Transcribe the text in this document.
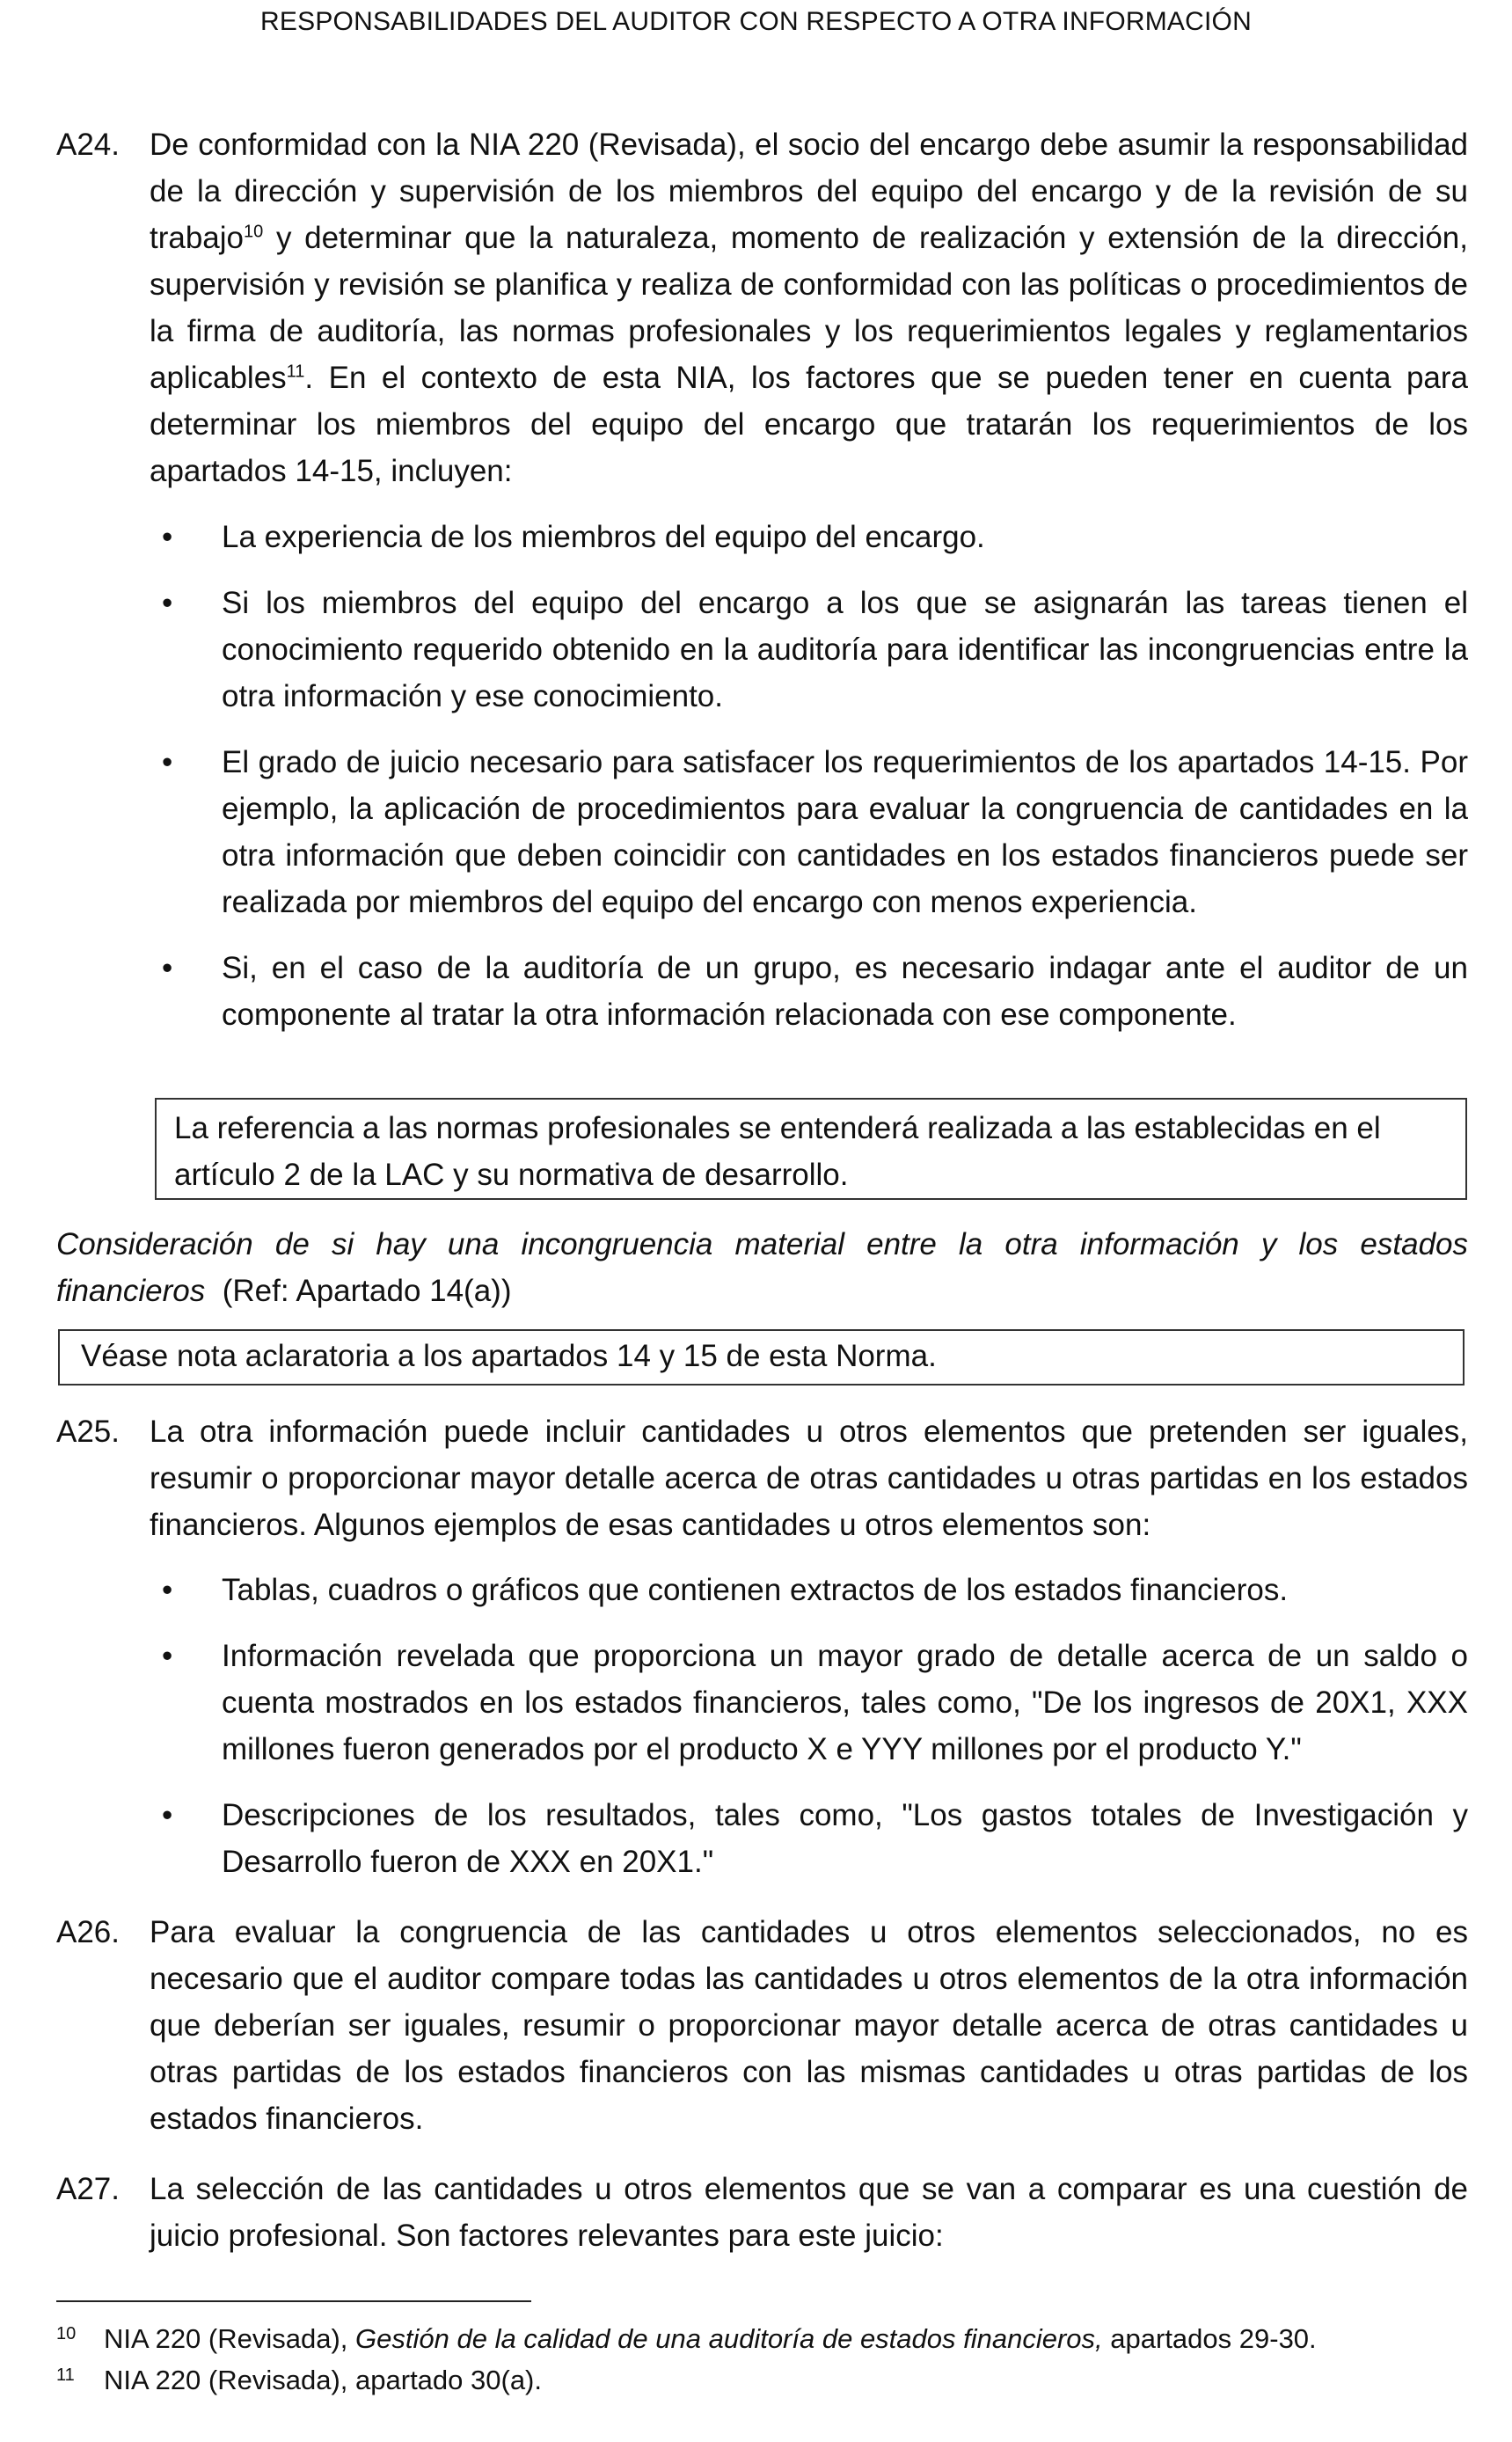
RESPONSABILIDADES DEL AUDITOR CON RESPECTO A OTRA INFORMACIÓN
A24. De conformidad con la NIA 220 (Revisada), el socio del encargo debe asumir la responsabilidad de la dirección y supervisión de los miembros del equipo del encargo y de la revisión de su trabajo$^{10}$ y determinar que la naturaleza, momento de realización y extensión de la dirección, supervisión y revisión se planifica y realiza de conformidad con las políticas o procedimientos de la firma de auditoría, las normas profesionales y los requerimientos legales y reglamentarios aplicables$^{11}$. En el contexto de esta NIA, los factores que se pueden tener en cuenta para determinar los miembros del equipo del encargo que tratarán los requerimientos de los apartados 14-15, incluyen:
• La experiencia de los miembros del equipo del encargo.
• Si los miembros del equipo del encargo a los que se asignarán las tareas tienen el conocimiento requerido obtenido en la auditoría para identificar las incongruencias entre la otra información y ese conocimiento.
• El grado de juicio necesario para satisfacer los requerimientos de los apartados 14-15. Por ejemplo, la aplicación de procedimientos para evaluar la congruencia de cantidades en la otra información que deben coincidir con cantidades en los estados financieros puede ser realizada por miembros del equipo del encargo con menos experiencia.
• Si, en el caso de la auditoría de un grupo, es necesario indagar ante el auditor de un componente al tratar la otra información relacionada con ese componente.
La referencia a las normas profesionales se entenderá realizada a las establecidas en el artículo 2 de la LAC y su normativa de desarrollo.
Consideración de si hay una incongruencia material entre la otra información y los estados financieros (Ref: Apartado 14(a))
Véase nota aclaratoria a los apartados 14 y 15 de esta Norma.
A25. La otra información puede incluir cantidades u otros elementos que pretenden ser iguales, resumir o proporcionar mayor detalle acerca de otras cantidades u otras partidas en los estados financieros. Algunos ejemplos de esas cantidades u otros elementos son:
• Tablas, cuadros o gráficos que contienen extractos de los estados financieros.
• Información revelada que proporciona un mayor grado de detalle acerca de un saldo o cuenta mostrados en los estados financieros, tales como, "De los ingresos de 20X1, XXX millones fueron generados por el producto X e YYY millones por el producto Y."
• Descripciones de los resultados, tales como, "Los gastos totales de Investigación y Desarrollo fueron de XXX en 20X1."
A26. Para evaluar la congruencia de las cantidades u otros elementos seleccionados, no es necesario que el auditor compare todas las cantidades u otros elementos de la otra información que deberían ser iguales, resumir o proporcionar mayor detalle acerca de otras cantidades u otras partidas de los estados financieros con las mismas cantidades u otras partidas de los estados financieros.
A27. La selección de las cantidades u otros elementos que se van a comparar es una cuestión de juicio profesional. Son factores relevantes para este juicio:
10 NIA 220 (Revisada), Gestión de la calidad de una auditoría de estados financieros, apartados 29-30.
11 NIA 220 (Revisada), apartado 30(a).
